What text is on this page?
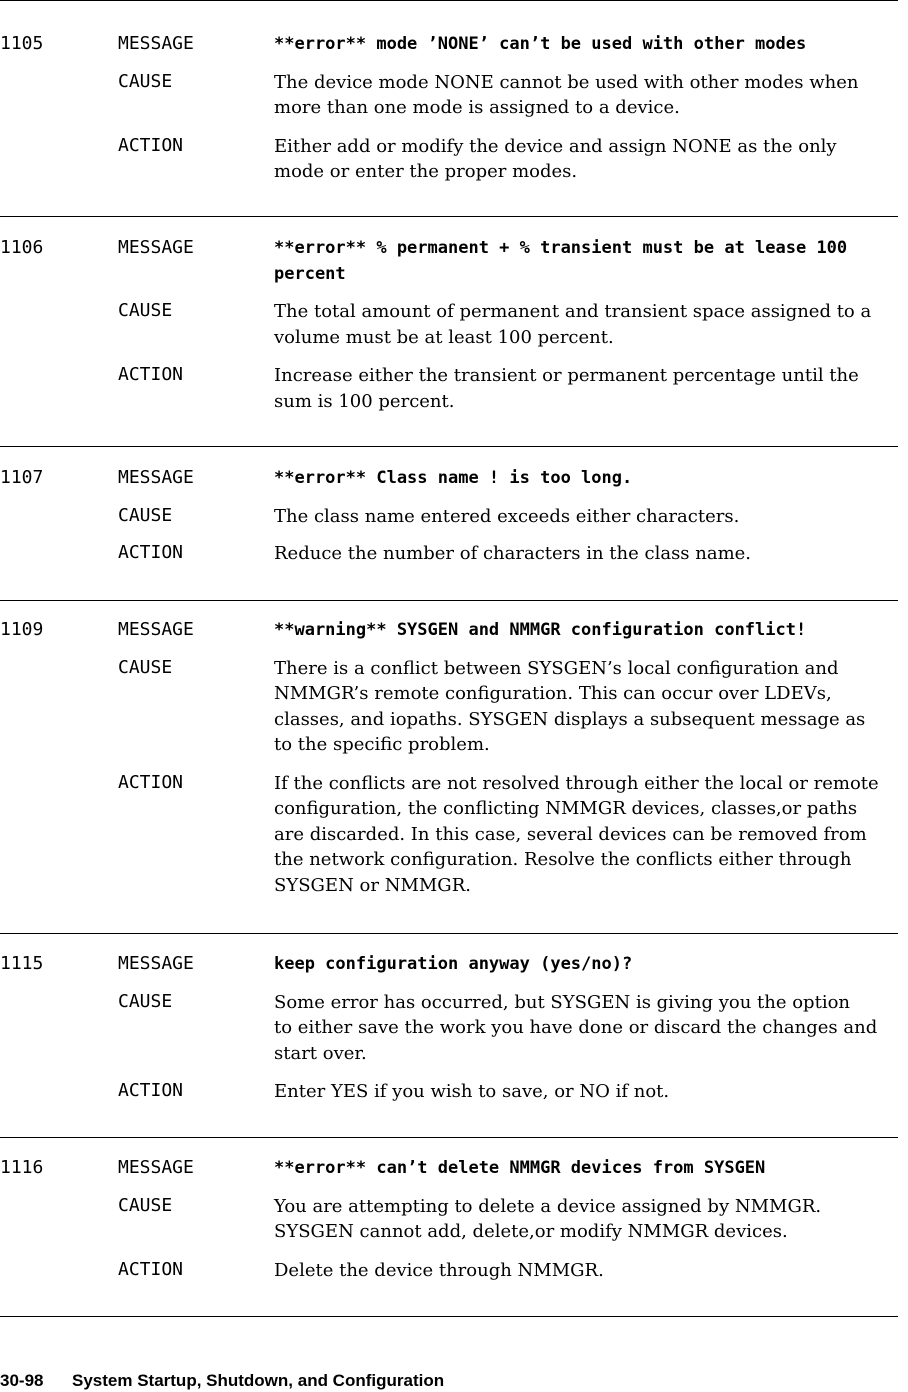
1105	MESSAGE	**error** mode ’NONE’ can’t be used with other modes
CAUSE	The device mode NONE cannot be used with other modes when
more than one mode is assigned to a device.
ACTION	Either add or modify the device and assign NONE as the only
mode or enter the proper modes.
1106	MESSAGE	**error** % permanent + % transient must be at lease 100
percent
CAUSE	The total amount of permanent and transient space assigned to a
volume must be at least 100 percent.
ACTION	Increase either the transient or permanent percentage until the
sum is 100 percent.
1107	MESSAGE	**error** Class name ! is too long.
CAUSE	The class name entered exceeds either characters.
ACTION	Reduce the number of characters in the class name.
1109	MESSAGE	**warning** SYSGEN and NMMGR configuration conflict!
CAUSE	There is a conflict between SYSGEN’s local configuration and
NMMGR’s remote configuration. This can occur over LDEVs,
classes, and iopaths. SYSGEN displays a subsequent message as
to the specific problem.
ACTION	If the conflicts are not resolved through either the local or remote
configuration, the conflicting NMMGR devices, classes,or paths
are discarded. In this case, several devices can be removed from
the network configuration. Resolve the conflicts either through
SYSGEN or NMMGR.
1115	MESSAGE	keep configuration anyway (yes/no)?
CAUSE	Some error has occurred, but SYSGEN is giving you the option
to either save the work you have done or discard the changes and
start over.
ACTION	Enter YES if you wish to save, or NO if not.
1116	MESSAGE	**error** can’t delete NMMGR devices from SYSGEN
CAUSE	You are attempting to delete a device assigned by NMMGR.
SYSGEN cannot add, delete,or modify NMMGR devices.
ACTION	Delete the device through NMMGR.
30-98 System Startup, Shutdown, and Configuration
